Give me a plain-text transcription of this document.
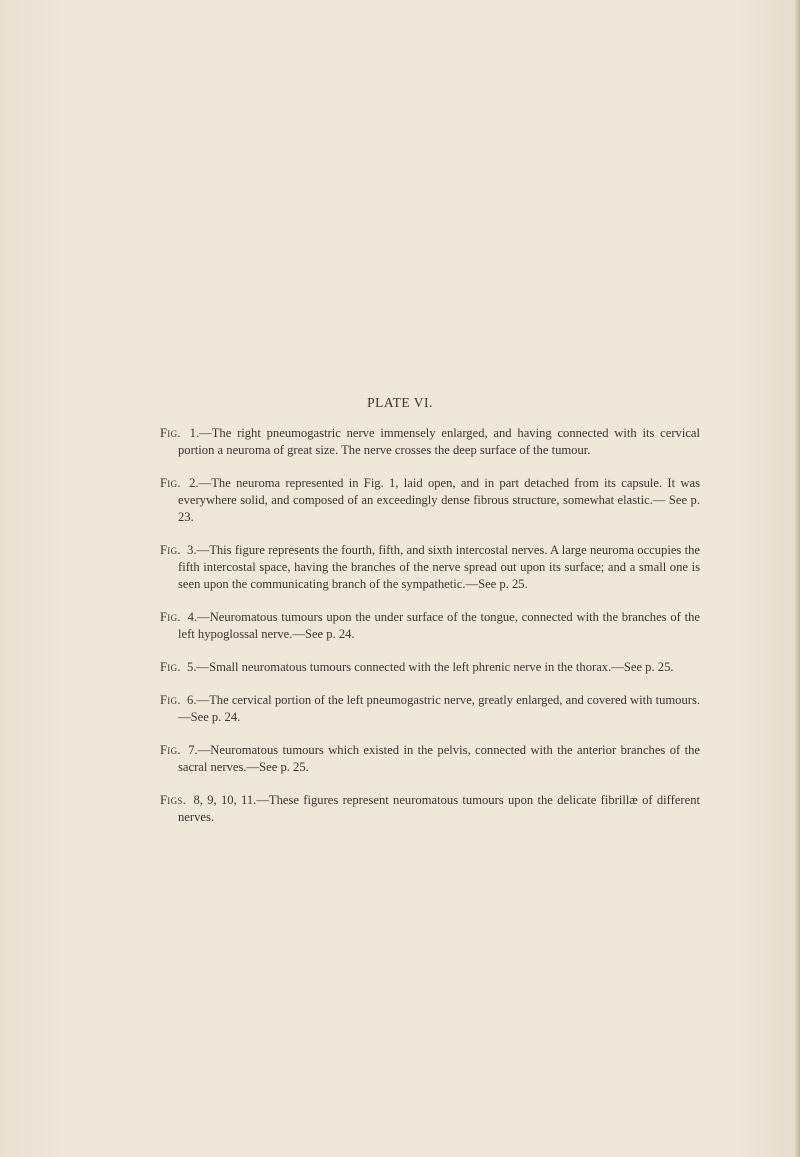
PLATE VI.

Fig. 1.—The right pneumogastric nerve immensely enlarged, and having connected with its cervical portion a neuroma of great size. The nerve crosses the deep surface of the tumour.

Fig. 2.—The neuroma represented in Fig. 1, laid open, and in part detached from its capsule. It was everywhere solid, and composed of an exceedingly dense fibrous structure, somewhat elastic.— See p. 23.

Fig. 3.—This figure represents the fourth, fifth, and sixth intercostal nerves. A large neuroma occupies the fifth intercostal space, having the branches of the nerve spread out upon its surface; and a small one is seen upon the communicating branch of the sympathetic.—See p. 25.

Fig. 4.—Neuromatous tumours upon the under surface of the tongue, connected with the branches of the left hypoglossal nerve.—See p. 24.

Fig. 5.—Small neuromatous tumours connected with the left phrenic nerve in the thorax.—See p. 25.

Fig. 6.—The cervical portion of the left pneumogastric nerve, greatly enlarged, and covered with tumours.—See p. 24.

Fig. 7.—Neuromatous tumours which existed in the pelvis, connected with the anterior branches of the sacral nerves.—See p. 25.

Figs. 8, 9, 10, 11.—These figures represent neuromatous tumours upon the delicate fibrillæ of different nerves.
